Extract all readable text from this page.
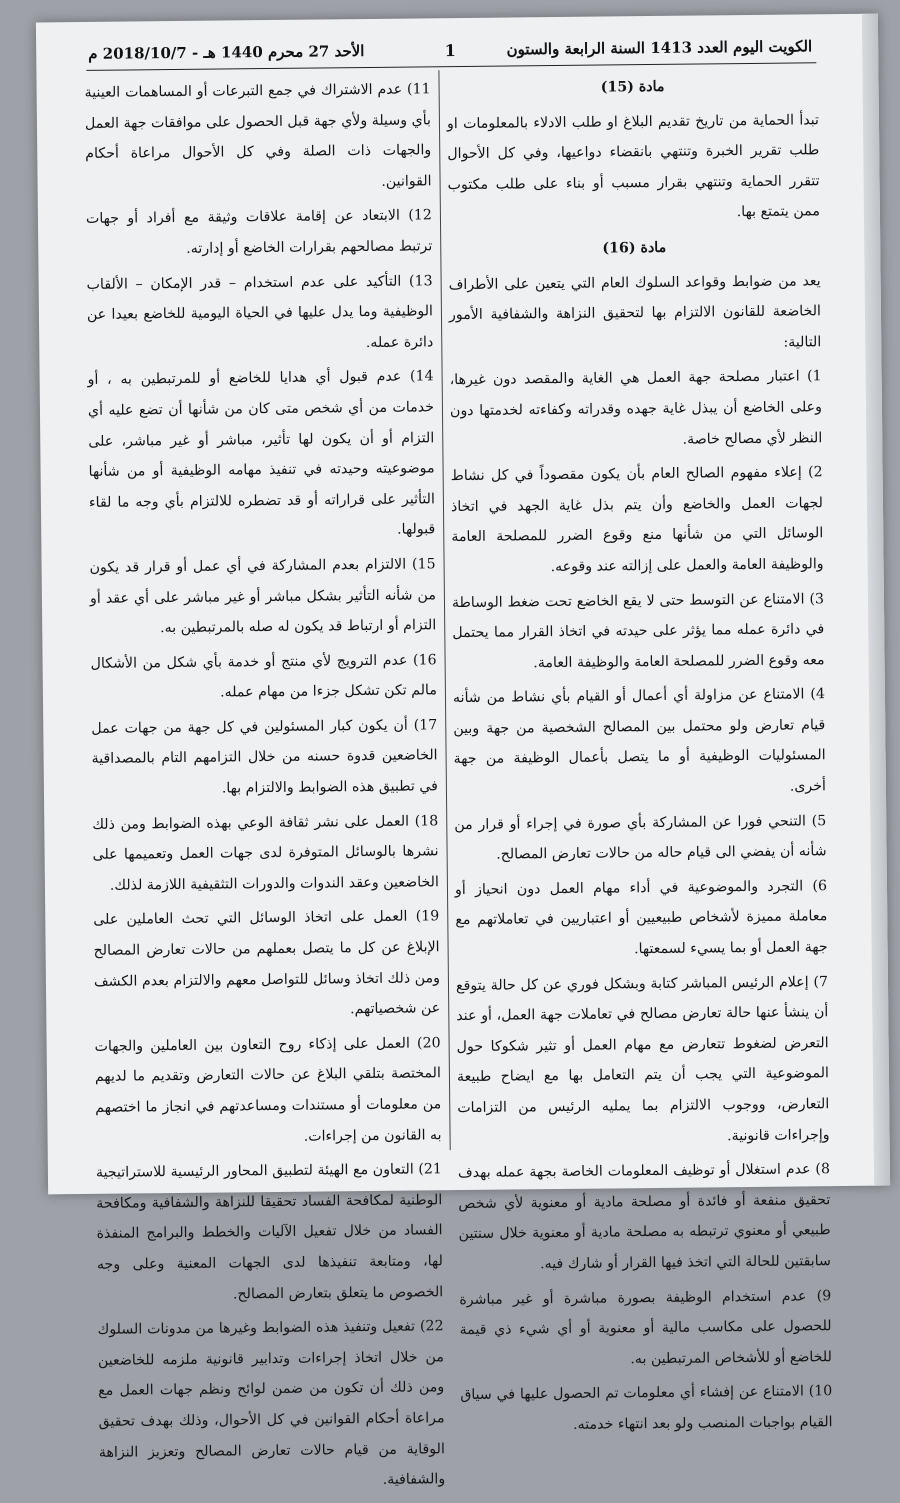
الكويت اليوم العدد 1413 السنة الرابعة والستون
1
الأحد 27 محرم 1440 هـ - 2018/10/7 م

مادة (15)

تبدأ الحماية من تاريخ تقديم البلاغ او طلب الادلاء بالمعلومات او طلب تقرير الخبرة وتنتهي بانقضاء دواعيها، وفي كل الأحوال تتقرر الحماية وتنتهي بقرار مسبب أو بناء على طلب مكتوب ممن يتمتع بها.

مادة (16)

يعد من ضوابط وقواعد السلوك العام التي يتعين على الأطراف الخاضعة للقانون الالتزام بها لتحقيق النزاهة والشفافية الأمور التالية:

1) اعتبار مصلحة جهة العمل هي الغاية والمقصد دون غيرها، وعلى الخاضع أن يبذل غاية جهده وقدراته وكفاءته لخدمتها دون النظر لأي مصالح خاصة.

2) إعلاء مفهوم الصالح العام بأن يكون مقصوداً في كل نشاط لجهات العمل والخاضع وأن يتم بذل غاية الجهد في اتخاذ الوسائل التي من شأنها منع وقوع الضرر للمصلحة العامة والوظيفة العامة والعمل على إزالته عند وقوعه.

3) الامتناع عن التوسط حتى لا يقع الخاضع تحت ضغط الوساطة في دائرة عمله مما يؤثر على حيدته في اتخاذ القرار مما يحتمل معه وقوع الضرر للمصلحة العامة والوظيفة العامة.

4) الامتناع عن مزاولة أي أعمال أو القيام بأي نشاط من شأنه قيام تعارض ولو محتمل بين المصالح الشخصية من جهة وبين المسئوليات الوظيفية أو ما يتصل بأعمال الوظيفة من جهة أخرى.

5) التنحي فورا عن المشاركة بأي صورة في إجراء أو قرار من شأنه أن يفضي الى قيام حاله من حالات تعارض المصالح.

6) التجرد والموضوعية في أداء مهام العمل دون انحياز أو معاملة مميزة لأشخاص طبيعيين أو اعتباريين في تعاملاتهم مع جهة العمل أو بما يسيء لسمعتها.

7) إعلام الرئيس المباشر كتابة وبشكل فوري عن كل حالة يتوقع أن ينشأ عنها حالة تعارض مصالح في تعاملات جهة العمل، أو عند التعرض لضغوط تتعارض مع مهام العمل أو تثير شكوكا حول الموضوعية التي يجب أن يتم التعامل بها مع ايضاح طبيعة التعارض، ووجوب الالتزام بما يمليه الرئيس من التزامات وإجراءات قانونية.

8) عدم استغلال أو توظيف المعلومات الخاصة بجهة عمله بهدف تحقيق منفعة أو فائدة أو مصلحة مادية أو معنوية لأي شخص طبيعي أو معنوي ترتبطه به مصلحة مادية أو معنوية خلال سنتين سابقتين للحالة التي اتخذ فيها القرار أو شارك فيه.

9) عدم استخدام الوظيفة بصورة مباشرة أو غير مباشرة للحصول على مكاسب مالية أو معنوية أو أي شيء ذي قيمة للخاضع أو للأشخاص المرتبطين به.

10) الامتناع عن إفشاء أي معلومات تم الحصول عليها في سياق القيام بواجبات المنصب ولو بعد انتهاء خدمته.

11) عدم الاشتراك في جمع التبرعات أو المساهمات العينية بأي وسيلة ولأي جهة قبل الحصول على موافقات جهة العمل والجهات ذات الصلة وفي كل الأحوال مراعاة أحكام القوانين.

12) الابتعاد عن إقامة علاقات وثيقة مع أفراد أو جهات ترتبط مصالحهم بقرارات الخاضع أو إدارته.

13) التأكيد على عدم استخدام – قدر الإمكان – الألقاب الوظيفية وما يدل عليها في الحياة اليومية للخاضع بعيدا عن دائرة عمله.

14) عدم قبول أي هدايا للخاضع أو للمرتبطين به ، أو خدمات من أي شخص متى كان من شأنها أن تضع عليه أي التزام أو أن يكون لها تأثير، مباشر أو غير مباشر، على موضوعيته وحيدته في تنفيذ مهامه الوظيفية أو من شأنها التأثير على قراراته أو قد تضطره للالتزام بأي وجه ما لقاء قبولها.

15) الالتزام بعدم المشاركة في أي عمل أو قرار قد يكون من شأنه التأثير بشكل مباشر أو غير مباشر على أي عقد أو التزام أو ارتباط قد يكون له صله بالمرتبطين به.

16) عدم الترويج لأي منتج أو خدمة بأي شكل من الأشكال مالم تكن تشكل جزءا من مهام عمله.

17) أن يكون كبار المسئولين في كل جهة من جهات عمل الخاضعين قدوة حسنه من خلال التزامهم التام بالمصداقية في تطبيق هذه الضوابط والالتزام بها.

18) العمل على نشر ثقافة الوعي بهذه الضوابط ومن ذلك نشرها بالوسائل المتوفرة لدى جهات العمل وتعميمها على الخاضعين وعقد الندوات والدورات التثقيفية اللازمة لذلك.

19) العمل على اتخاذ الوسائل التي تحث العاملين على الإبلاغ عن كل ما يتصل بعملهم من حالات تعارض المصالح ومن ذلك اتخاذ وسائل للتواصل معهم والالتزام بعدم الكشف عن شخصياتهم.

20) العمل على إذكاء روح التعاون بين العاملين والجهات المختصة بتلقي البلاغ عن حالات التعارض وتقديم ما لديهم من معلومات أو مستندات ومساعدتهم في انجاز ما اختصهم به القانون من إجراءات.

21) التعاون مع الهيئة لتطبيق المحاور الرئيسية للاستراتيجية الوطنية لمكافحة الفساد تحقيقا للنزاهة والشفافية ومكافحة الفساد من خلال تفعيل الآليات والخطط والبرامج المنفذة لها، ومتابعة تنفيذها لدى الجهات المعنية وعلى وجه الخصوص ما يتعلق بتعارض المصالح.

22) تفعيل وتنفيذ هذه الضوابط وغيرها من مدونات السلوك من خلال اتخاذ إجراءات وتدابير قانونية ملزمه للخاضعين ومن ذلك أن تكون من ضمن لوائح ونظم جهات العمل مع مراعاة أحكام القوانين في كل الأحوال، وذلك بهدف تحقيق الوقاية من قيام حالات تعارض المصالح وتعزيز النزاهة والشفافية.
